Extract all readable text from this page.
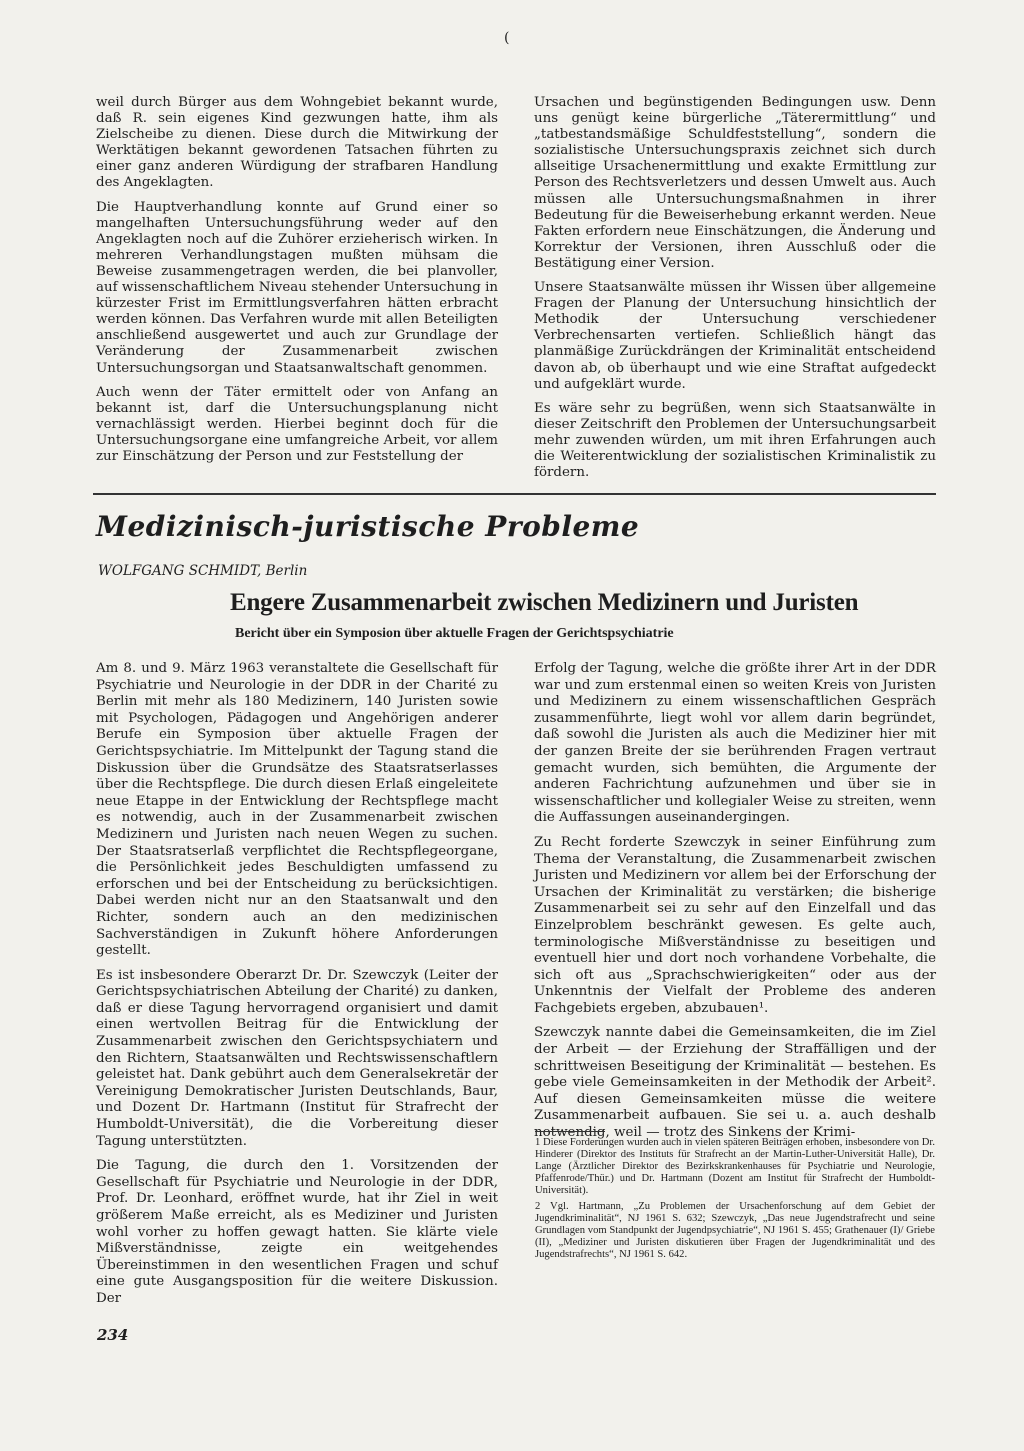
(

weil durch Bürger aus dem Wohngebiet bekannt wurde, daß R. sein eigenes Kind gezwungen hatte, ihm als Zielscheibe zu dienen. Diese durch die Mitwirkung der Werktätigen bekannt gewordenen Tatsachen führten zu einer ganz anderen Würdigung der strafbaren Handlung des Angeklagten.

Die Hauptverhandlung konnte auf Grund einer so mangelhaften Untersuchungsführung weder auf den Angeklagten noch auf die Zuhörer erzieherisch wirken. In mehreren Verhandlungstagen mußten mühsam die Beweise zusammengetragen werden, die bei planvoller, auf wissenschaftlichem Niveau stehender Untersuchung in kürzester Frist im Ermittlungsverfahren hätten erbracht werden können. Das Verfahren wurde mit allen Beteiligten anschließend ausgewertet und auch zur Grundlage der Veränderung der Zusammenarbeit zwischen Untersuchungsorgan und Staatsanwaltschaft genommen.

Auch wenn der Täter ermittelt oder von Anfang an bekannt ist, darf die Untersuchungsplanung nicht vernachlässigt werden. Hierbei beginnt doch für die Untersuchungsorgane eine umfangreiche Arbeit, vor allem zur Einschätzung der Person und zur Feststellung der

Ursachen und begünstigenden Bedingungen usw. Denn uns genügt keine bürgerliche „Täterermittlung“ und „tatbestandsmäßige Schuldfeststellung“, sondern die sozialistische Untersuchungspraxis zeichnet sich durch allseitige Ursachenermittlung und exakte Ermittlung zur Person des Rechtsverletzers und dessen Umwelt aus. Auch müssen alle Untersuchungsmaßnahmen in ihrer Bedeutung für die Beweiserhebung erkannt werden. Neue Fakten erfordern neue Einschätzungen, die Änderung und Korrektur der Versionen, ihren Ausschluß oder die Bestätigung einer Version.

Unsere Staatsanwälte müssen ihr Wissen über allgemeine Fragen der Planung der Untersuchung hinsichtlich der Methodik der Untersuchung verschiedener Verbrechensarten vertiefen. Schließlich hängt das planmäßige Zurückdrängen der Kriminalität entscheidend davon ab, ob überhaupt und wie eine Straftat aufgedeckt und aufgeklärt wurde.

Es wäre sehr zu begrüßen, wenn sich Staatsanwälte in dieser Zeitschrift den Problemen der Untersuchungsarbeit mehr zuwenden würden, um mit ihren Erfahrungen auch die Weiterentwicklung der sozialistischen Kriminalistik zu fördern.

Medizinisch-juristische Probleme
WOLFGANG SCHMIDT, Berlin
Engere Zusammenarbeit zwischen Medizinern und Juristen
Bericht über ein Symposion über aktuelle Fragen der Gerichtspsychiatrie

Am 8. und 9. März 1963 veranstaltete die Gesellschaft für Psychiatrie und Neurologie in der DDR in der Charité zu Berlin mit mehr als 180 Medizinern, 140 Juristen sowie mit Psychologen, Pädagogen und Angehörigen anderer Berufe ein Symposion über aktuelle Fragen der Gerichtspsychiatrie. Im Mittelpunkt der Tagung stand die Diskussion über die Grundsätze des Staatsratserlasses über die Rechtspflege. Die durch diesen Erlaß eingeleitete neue Etappe in der Entwicklung der Rechtspflege macht es notwendig, auch in der Zusammenarbeit zwischen Medizinern und Juristen nach neuen Wegen zu suchen. Der Staatsratserlaß verpflichtet die Rechtspflegeorgane, die Persönlichkeit jedes Beschuldigten umfassend zu erforschen und bei der Entscheidung zu berücksichtigen. Dabei werden nicht nur an den Staatsanwalt und den Richter, sondern auch an den medizinischen Sachverständigen in Zukunft höhere Anforderungen gestellt.

Es ist insbesondere Oberarzt Dr. Dr. Szewczyk (Leiter der Gerichtspsychiatrischen Abteilung der Charité) zu danken, daß er diese Tagung hervorragend organisiert und damit einen wertvollen Beitrag für die Entwicklung der Zusammenarbeit zwischen den Gerichtspsychiatern und den Richtern, Staatsanwälten und Rechtswissenschaftlern geleistet hat. Dank gebührt auch dem Generalsekretär der Vereinigung Demokratischer Juristen Deutschlands, Baur, und Dozent Dr. Hartmann (Institut für Strafrecht der Humboldt-Universität), die die Vorbereitung dieser Tagung unterstützten.

Die Tagung, die durch den 1. Vorsitzenden der Gesellschaft für Psychiatrie und Neurologie in der DDR, Prof. Dr. Leonhard, eröffnet wurde, hat ihr Ziel in weit größerem Maße erreicht, als es Mediziner und Juristen wohl vorher zu hoffen gewagt hatten. Sie klärte viele Mißverständnisse, zeigte ein weitgehendes Übereinstimmen in den wesentlichen Fragen und schuf eine gute Ausgangsposition für die weitere Diskussion. Der

Erfolg der Tagung, welche die größte ihrer Art in der DDR war und zum erstenmal einen so weiten Kreis von Juristen und Medizinern zu einem wissenschaftlichen Gespräch zusammenführte, liegt wohl vor allem darin begründet, daß sowohl die Juristen als auch die Mediziner hier mit der ganzen Breite der sie berührenden Fragen vertraut gemacht wurden, sich bemühten, die Argumente der anderen Fachrichtung aufzunehmen und über sie in wissenschaftlicher und kollegialer Weise zu streiten, wenn die Auffassungen auseinandergingen.

Zu Recht forderte Szewczyk in seiner Einführung zum Thema der Veranstaltung, die Zusammenarbeit zwischen Juristen und Medizinern vor allem bei der Erforschung der Ursachen der Kriminalität zu verstärken; die bisherige Zusammenarbeit sei zu sehr auf den Einzelfall und das Einzelproblem beschränkt gewesen. Es gelte auch, terminologische Mißverständnisse zu beseitigen und eventuell hier und dort noch vorhandene Vorbehalte, die sich oft aus „Sprachschwierigkeiten“ oder aus der Unkenntnis der Vielfalt der Probleme des anderen Fachgebiets ergeben, abzubauen¹.

Szewczyk nannte dabei die Gemeinsamkeiten, die im Ziel der Arbeit — der Erziehung der Straffälligen und der schrittweisen Beseitigung der Kriminalität — bestehen. Es gebe viele Gemeinsamkeiten in der Methodik der Arbeit². Auf diesen Gemeinsamkeiten müsse die weitere Zusammenarbeit aufbauen. Sie sei u. a. auch deshalb notwendig, weil — trotz des Sinkens der Krimi-

1 Diese Forderungen wurden auch in vielen späteren Beiträgen erhoben, insbesondere von Dr. Hinderer (Direktor des Instituts für Strafrecht an der Martin-Luther-Universität Halle), Dr. Lange (Ärztlicher Direktor des Bezirkskrankenhauses für Psychiatrie und Neurologie, Pfaffenrode/Thür.) und Dr. Hartmann (Dozent am Institut für Strafrecht der Humboldt-Universität).

2 Vgl. Hartmann, „Zu Problemen der Ursachenforschung auf dem Gebiet der Jugendkriminalität“, NJ 1961 S. 632; Szewczyk, „Das neue Jugendstrafrecht und seine Grundlagen vom Standpunkt der Jugendpsychiatrie“, NJ 1961 S. 455; Grathenauer (I)/ Griebe (II), „Mediziner und Juristen diskutieren über Fragen der Jugendkriminalität und des Jugendstrafrechts“, NJ 1961 S. 642.

234
